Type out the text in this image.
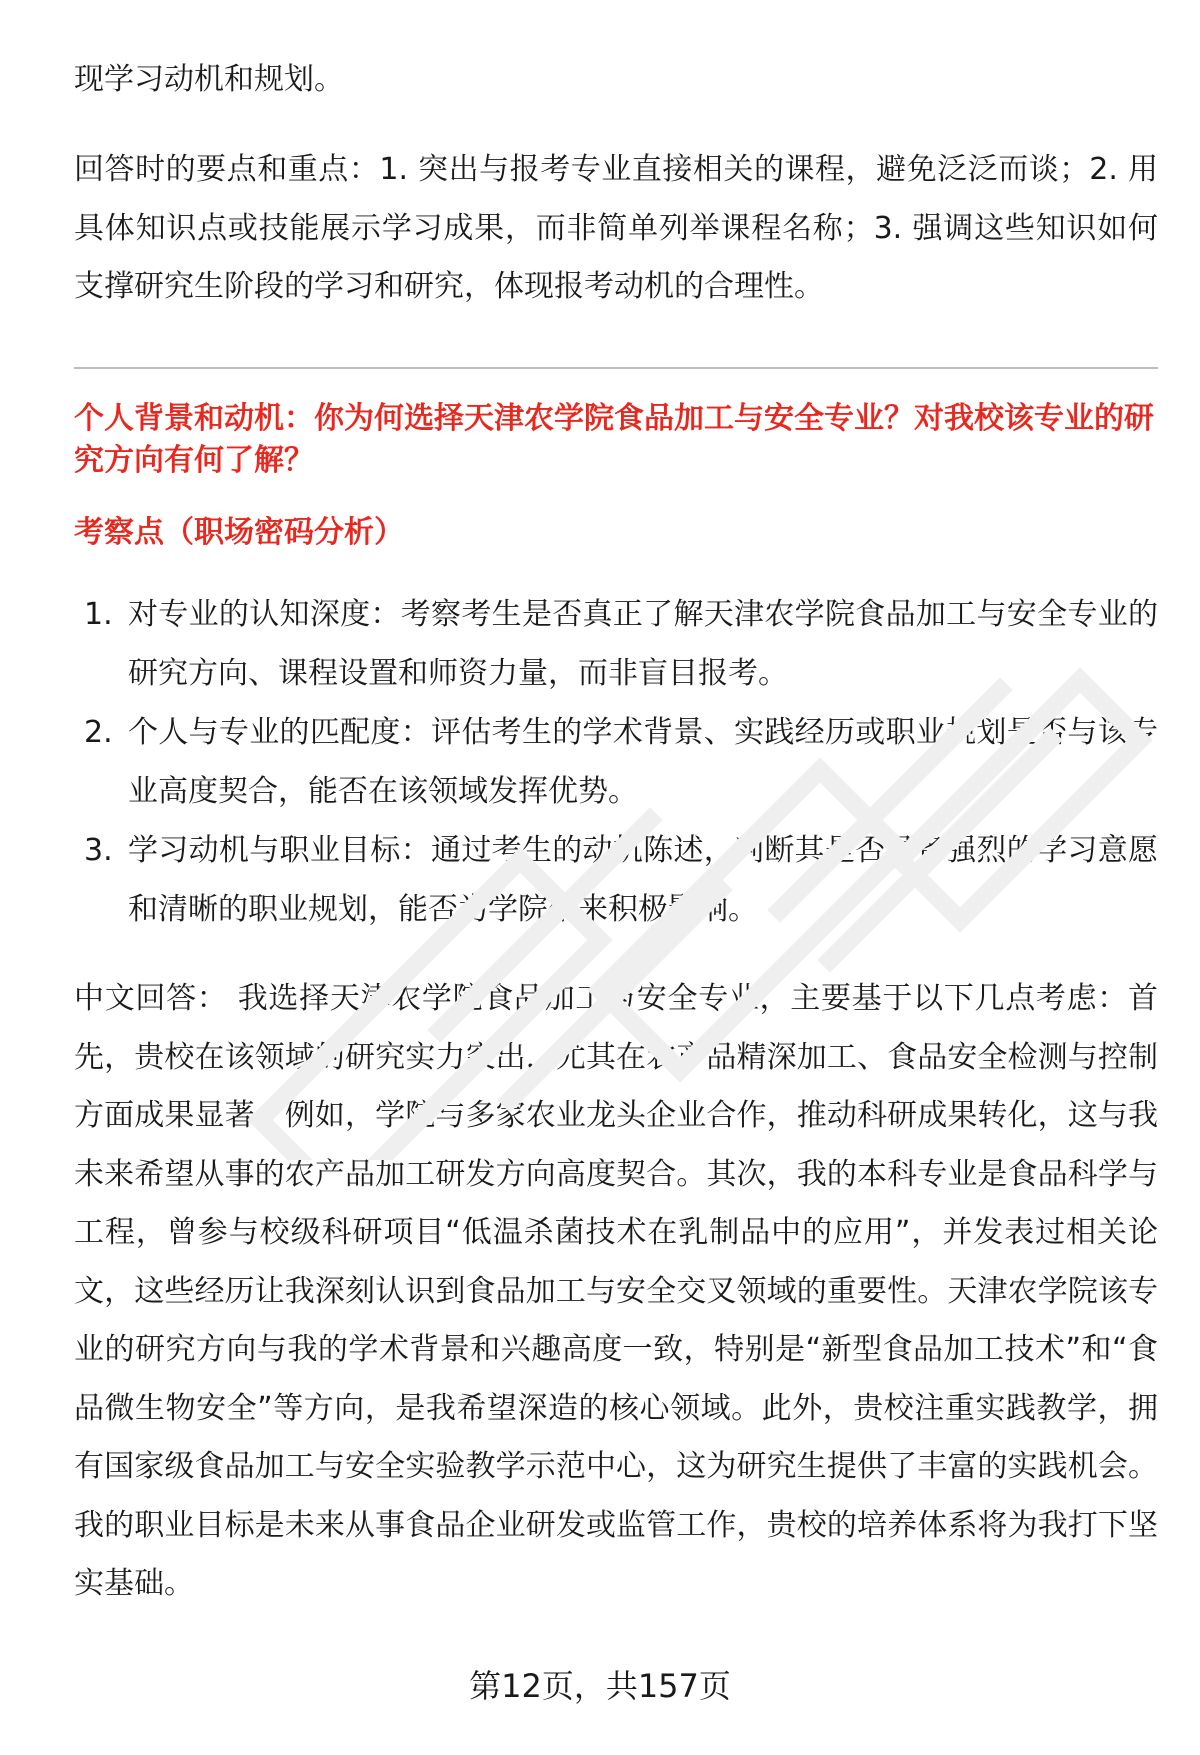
现学习动机和规划。

回答时的要点和重点：1. 突出与报考专业直接相关的课程，避免泛泛而谈；2. 用具体知识点或技能展示学习成果，而非简单列举课程名称；3. 强调这些知识如何支撑研究生阶段的学习和研究，体现报考动机的合理性。

个人背景和动机：你为何选择天津农学院食品加工与安全专业？对我校该专业的研究方向有何了解？

考察点（职场密码分析）

1. 对专业的认知深度：考察考生是否真正了解天津农学院食品加工与安全专业的研究方向、课程设置和师资力量，而非盲目报考。
2. 个人与专业的匹配度：评估考生的学术背景、实践经历或职业规划是否与该专业高度契合，能否在该领域发挥优势。
3. 学习动机与职业目标：通过考生的动机陈述，判断其是否具备强烈的学习意愿和清晰的职业规划，能否为学院带来积极影响。

中文回答： 我选择天津农学院食品加工与安全专业，主要基于以下几点考虑：首先，贵校在该领域的研究实力突出，尤其在农产品精深加工、食品安全检测与控制方面成果显著。例如，学院与多家农业龙头企业合作，推动科研成果转化，这与我未来希望从事的农产品加工研发方向高度契合。其次，我的本科专业是食品科学与工程，曾参与校级科研项目“低温杀菌技术在乳制品中的应用”，并发表过相关论文，这些经历让我深刻认识到食品加工与安全交叉领域的重要性。天津农学院该专业的研究方向与我的学术背景和兴趣高度一致，特别是“新型食品加工技术”和“食品微生物安全”等方向，是我希望深造的核心领域。此外，贵校注重实践教学，拥有国家级食品加工与安全实验教学示范中心，这为研究生提供了丰富的实践机会。我的职业目标是未来从事食品企业研发或监管工作，贵校的培养体系将为我打下坚实基础。

第12页，共157页
